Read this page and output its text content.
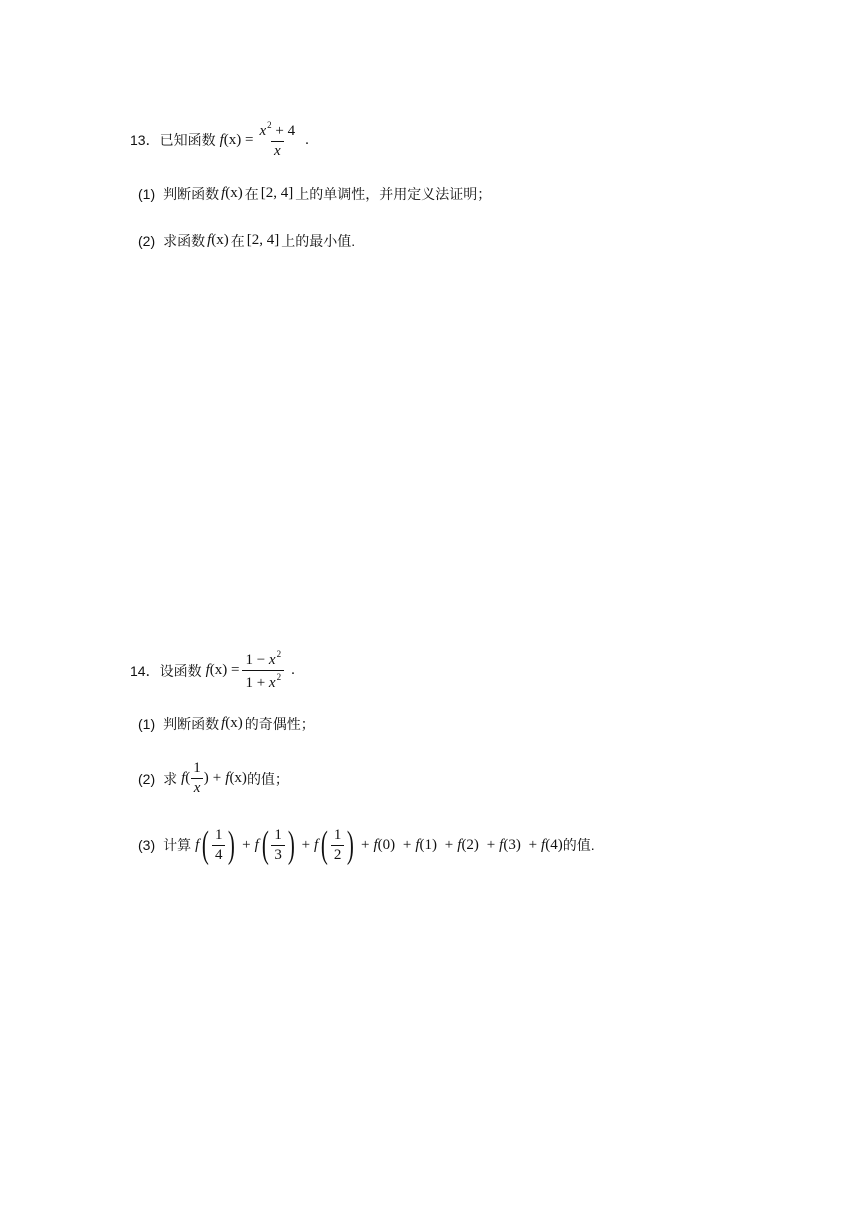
13． 已知函数 $f(x) = \frac{x^2 + 4}{x}$ .
(1) 判断函数 f(x) 在 [2, 4] 上的单调性，并用定义法证明；
(2) 求函数 f(x) 在 [2, 4] 上的最小值.
14． 设函数 $f(x) = \frac{1 - x^2}{1 + x^2}$ .
(1) 判断函数 f(x) 的奇偶性；
(2) 求 $f( \frac{1}{x}$ ) + f(x) 的值；
(3) 计算 f ( $\frac{1}{4}$ ) + f ( $\frac{1}{3}$ ) + f ( $\frac{1}{2}$ ) + f(0) + f(1) + f(2) + f(3) + f(4) 的值.
